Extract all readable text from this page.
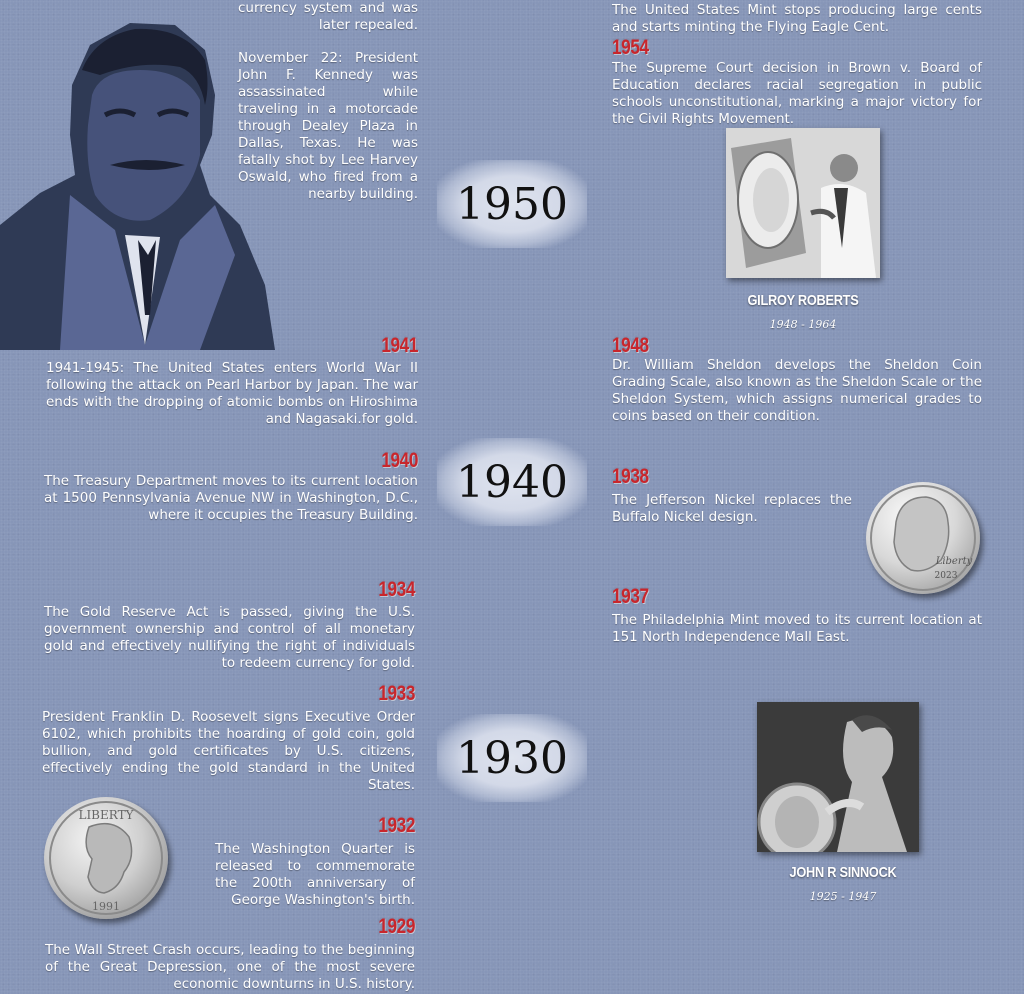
currency system and was later repealed.
November 22: President John F. Kennedy was assassinated while traveling in a motorcade through Dealey Plaza in Dallas, Texas. He was fatally shot by Lee Harvey Oswald, who fired from a nearby building.
1941
1941-1945: The United States enters World War II following the attack on Pearl Harbor by Japan. The war ends with the dropping of atomic bombs on Hiroshima and Nagasaki.for gold.
1940
The Treasury Department moves to its current location at 1500 Pennsylvania Avenue NW in Washington, D.C., where it occupies the Treasury Building.
1934
The Gold Reserve Act is passed, giving the U.S. government ownership and control of all monetary gold and effectively nullifying the right of individuals to redeem currency for gold.
1933
President Franklin D. Roosevelt signs Executive Order 6102, which prohibits the hoarding of gold coin, gold bullion, and gold certificates by U.S. citizens, effectively ending the gold standard in the United States.
1932
The Washington Quarter is released to commemorate the 200th anniversary of George Washington's birth.
1929
The Wall Street Crash occurs, leading to the beginning of the Great Depression, one of the most severe economic downturns in U.S. history.
LIBERTY
1991
1950
1940
1930
The United States Mint stops producing large cents and starts minting the Flying Eagle Cent.
1954
The Supreme Court decision in Brown v. Board of Education declares racial segregation in public schools unconstitutional, marking a major victory for the Civil Rights Movement.
GILROY ROBERTS
1948 - 1964
1948
Dr. William Sheldon develops the Sheldon Coin Grading Scale, also known as the Sheldon Scale or the Sheldon System, which assigns numerical grades to coins based on their condition.
1938
The Jefferson Nickel replaces the Buffalo Nickel design.
Liberty
2023
1937
The Philadelphia Mint moved to its current location at 151 North Independence Mall East.
JOHN R SINNOCK
1925 - 1947
